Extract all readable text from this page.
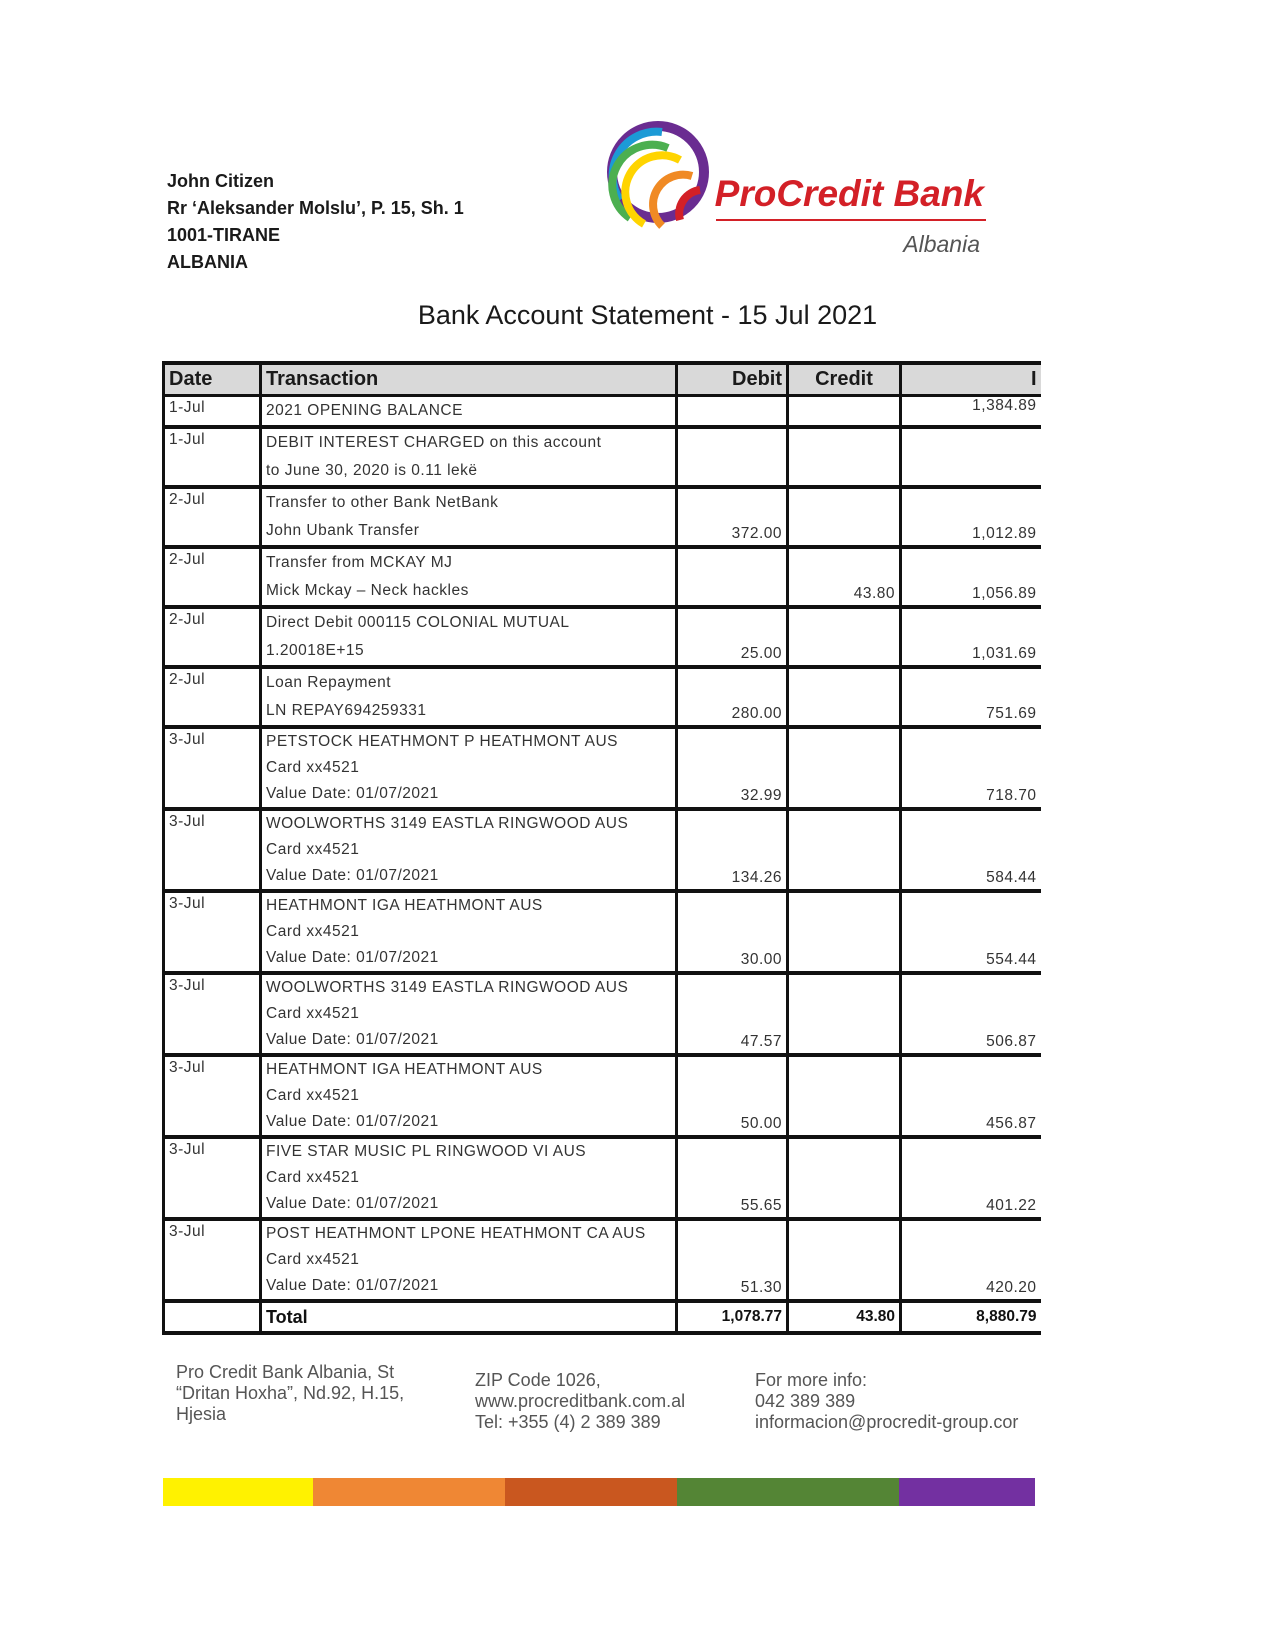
John Citizen
Rr ‘Aleksander Molslu’, P. 15, Sh. 1
1001-TIRANE
ALBANIA
ProCredit Bank
Albania
Bank Account Statement - 15 Jul 2021
Date	Transaction	Debit	Credit	I
1-Jul	2021 OPENING BALANCE			1,384.89
1-Jul	DEBIT INTEREST CHARGED on this account
to June 30, 2020 is 0.11 lekë			

2-Jul	Transfer to other Bank NetBank
John Ubank Transfer	372.00		1,012.89
2-Jul	Transfer from MCKAY MJ
Mick Mckay – Neck hackles		43.80	1,056.89
2-Jul	Direct Debit 000115 COLONIAL MUTUAL
1.20018E+15	25.00		1,031.69
2-Jul	Loan Repayment
LN REPAY694259331	280.00		751.69
3-Jul	PETSTOCK HEATHMONT P HEATHMONT AUS
Card xx4521
Value Date: 01/07/2021	32.99		718.70
3-Jul	WOOLWORTHS 3149 EASTLA RINGWOOD AUS
Card xx4521
Value Date: 01/07/2021	134.26		584.44
3-Jul	HEATHMONT IGA HEATHMONT AUS
Card xx4521
Value Date: 01/07/2021	30.00		554.44
3-Jul	WOOLWORTHS 3149 EASTLA RINGWOOD AUS
Card xx4521
Value Date: 01/07/2021	47.57		506.87
3-Jul	HEATHMONT IGA HEATHMONT AUS
Card xx4521
Value Date: 01/07/2021	50.00		456.87
3-Jul	FIVE STAR MUSIC PL RINGWOOD VI AUS
Card xx4521
Value Date: 01/07/2021	55.65		401.22
3-Jul	POST HEATHMONT LPONE HEATHMONT CA AUS
Card xx4521
Value Date: 01/07/2021	51.30		420.20
	Total	1,078.77	43.80	8,880.79
Pro Credit Bank Albania, St
“Dritan Hoxha”, Nd.92, H.15,
Hjesia
ZIP Code 1026,
www.procreditbank.com.al
Tel: +355 (4) 2 389 389
For more info:
042 389 389
informacion@procredit-group.cor
